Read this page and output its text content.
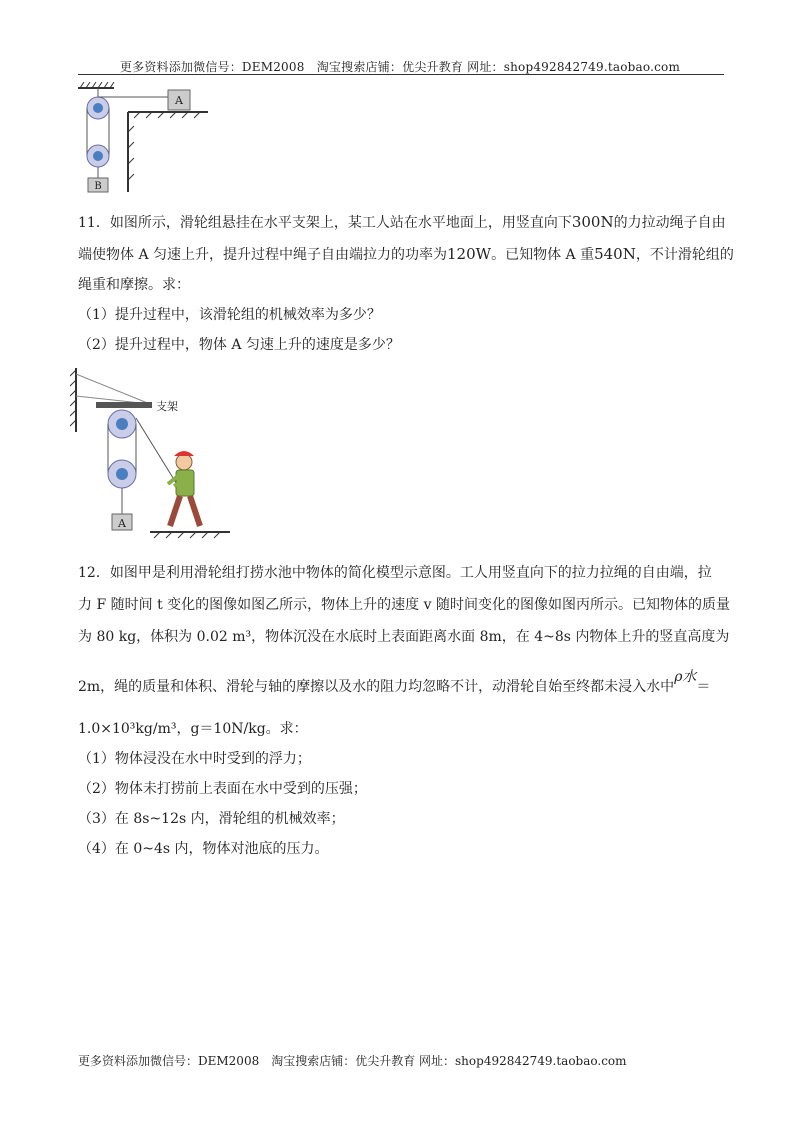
更多资料添加微信号：DEM2008　淘宝搜索店铺：优尖升教育 网址：shop492842749.taobao.com
B
A
11．如图所示，滑轮组悬挂在水平支架上，某工人站在水平地面上，用竖直向下300N的力拉动绳子自由
端使物体 A 匀速上升，提升过程中绳子自由端拉力的功率为120W。已知物体 A 重540N，不计滑轮组的
绳重和摩擦。求：
（1）提升过程中，该滑轮组的机械效率为多少？
（2）提升过程中，物体 A 匀速上升的速度是多少？
支架
A
12．如图甲是利用滑轮组打捞水池中物体的简化模型示意图。工人用竖直向下的拉力拉绳的自由端，拉
力 F 随时间 t 变化的图像如图乙所示，物体上升的速度 v 随时间变化的图像如图丙所示。已知物体的质量
为 80 kg，体积为 0.02 m³，物体沉没在水底时上表面距离水面 8m，在 4~8s 内物体上升的竖直高度为
2m，绳的质量和体积、滑轮与轴的摩擦以及水的阻力均忽略不计，动滑轮自始至终都未浸入水中ρ水＝
1.0×10³kg/m³，g＝10N/kg。求：
（1）物体浸没在水中时受到的浮力；
（2）物体未打捞前上表面在水中受到的压强；
（3）在 8s~12s 内，滑轮组的机械效率；
（4）在 0~4s 内，物体对池底的压力。
更多资料添加微信号：DEM2008　淘宝搜索店铺：优尖升教育 网址：shop492842749.taobao.com
